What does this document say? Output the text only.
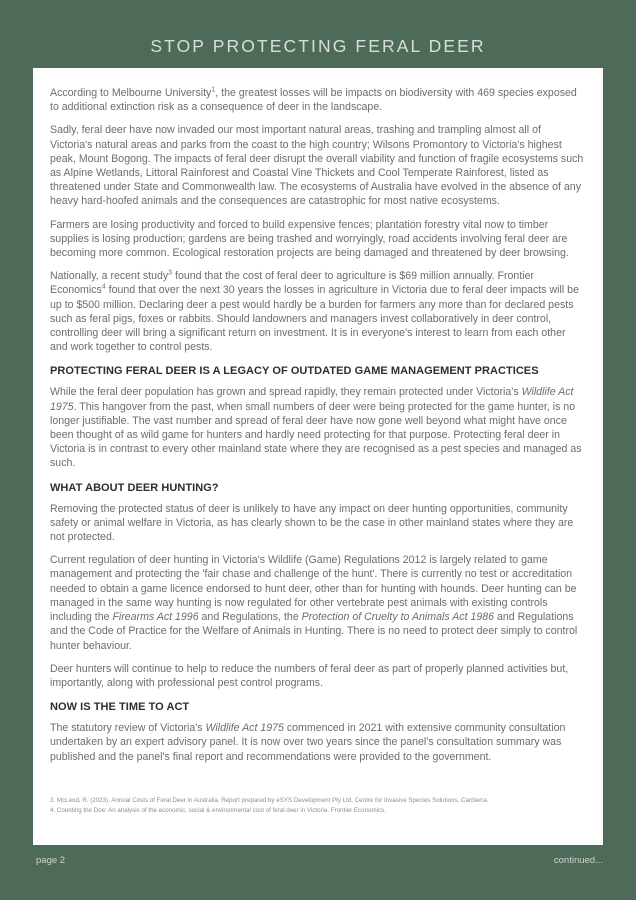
STOP PROTECTING FERAL DEER

According to Melbourne University$^1$, the greatest losses will be impacts on biodiversity with 469 species exposed to additional extinction risk as a consequence of deer in the landscape.

Sadly, feral deer have now invaded our most important natural areas, trashing and trampling almost all of Victoria's natural areas and parks from the coast to the high country; Wilsons Promontory to Victoria's highest peak, Mount Bogong. The impacts of feral deer disrupt the overall viability and function of fragile ecosystems such as Alpine Wetlands, Littoral Rainforest and Coastal Vine Thickets and Cool Temperate Rainforest, listed as threatened under State and Commonwealth law. The ecosystems of Australia have evolved in the absence of any heavy hard-hoofed animals and the consequences are catastrophic for most native ecosystems.

Farmers are losing productivity and forced to build expensive fences; plantation forestry vital now to timber supplies is losing production; gardens are being trashed and worryingly, road accidents involving feral deer are becoming more common. Ecological restoration projects are being damaged and threatened by deer browsing.

Nationally, a recent study$^3$ found that the cost of feral deer to agriculture is $69 million annually. Frontier Economics$^4$ found that over the next 30 years the losses in agriculture in Victoria due to feral deer impacts will be up to $500 million. Declaring deer a pest would hardly be a burden for farmers any more than for declared pests such as feral pigs, foxes or rabbits. Should landowners and managers invest collaboratively in deer control, controlling deer will bring a significant return on investment. It is in everyone's interest to learn from each other and work together to control pests.

PROTECTING FERAL DEER IS A LEGACY OF OUTDATED GAME MANAGEMENT PRACTICES

While the feral deer population has grown and spread rapidly, they remain protected under Victoria's Wildlife Act 1975. This hangover from the past, when small numbers of deer were being protected for the game hunter, is no longer justifiable. The vast number and spread of feral deer have now gone well beyond what might have once been thought of as wild game for hunters and hardly need protecting for that purpose. Protecting feral deer in Victoria is in contrast to every other mainland state where they are recognised as a pest species and managed as such.

WHAT ABOUT DEER HUNTING?

Removing the protected status of deer is unlikely to have any impact on deer hunting opportunities, community safety or animal welfare in Victoria, as has clearly shown to be the case in other mainland states where they are not protected.

Current regulation of deer hunting in Victoria's Wildlife (Game) Regulations 2012 is largely related to game management and protecting the 'fair chase and challenge of the hunt'. There is currently no test or accreditation needed to obtain a game licence endorsed to hunt deer, other than for hunting with hounds. Deer hunting can be managed in the same way hunting is now regulated for other vertebrate pest animals with existing controls including the Firearms Act 1996 and Regulations, the Protection of Cruelty to Animals Act 1986 and Regulations and the Code of Practice for the Welfare of Animals in Hunting. There is no need to protect deer simply to control hunter behaviour.

Deer hunters will continue to help to reduce the numbers of feral deer as part of properly planned activities but, importantly, along with professional pest control programs.

NOW IS THE TIME TO ACT

The statutory review of Victoria's Wildlife Act 1975 commenced in 2021 with extensive community consultation undertaken by an expert advisory panel. It is now over two years since the panel's consultation summary was published and the panel's final report and recommendations were provided to the government.

3. McLeod, R. (2023). Annual Costs of Feral Deer in Australia. Report prepared by eSYS Development Pty Ltd, Centre for Invasive Species Solutions, Canberra.

4. Counting the Doe: An analysis of the economic, social & environmental cost of feral deer in Victoria. Frontier Economics.

page 2	continued...
